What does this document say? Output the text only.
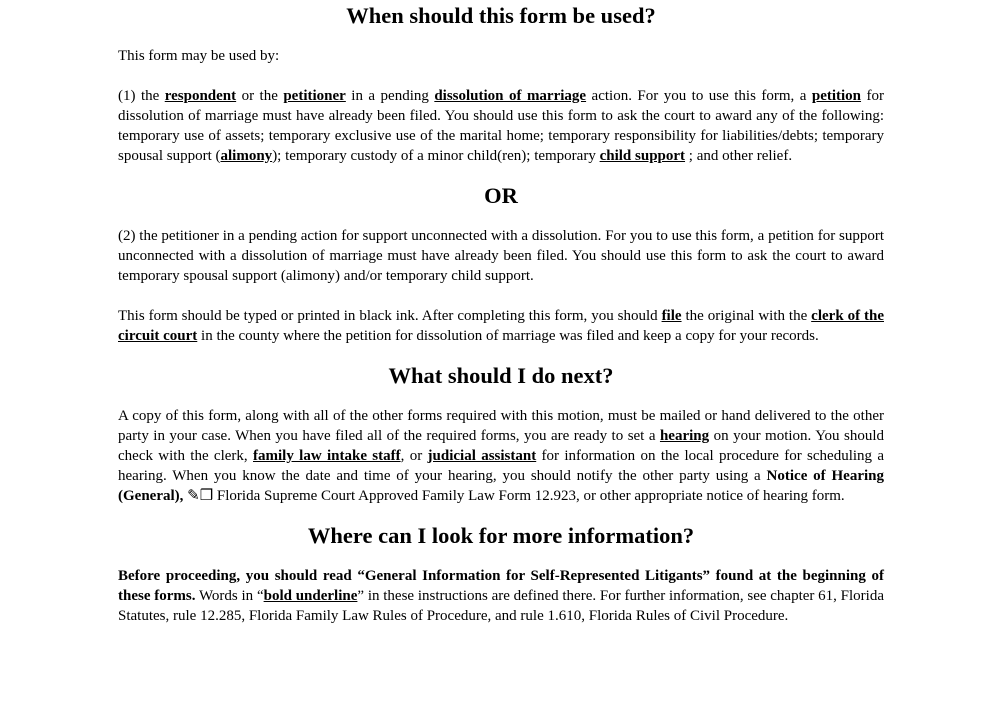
When should this form be used?

This form may be used by:

(1) the respondent or the petitioner in a pending dissolution of marriage action. For you to use this form, a petition for dissolution of marriage must have already been filed. You should use this form to ask the court to award any of the following: temporary use of assets; temporary exclusive use of the marital home; temporary responsibility for liabilities/debts; temporary spousal support (alimony); temporary custody of a minor child(ren); temporary child support ; and other relief.

OR

(2) the petitioner in a pending action for support unconnected with a dissolution. For you to use this form, a petition for support unconnected with a dissolution of marriage must have already been filed. You should use this form to ask the court to award temporary spousal support (alimony) and/or temporary child support.

This form should be typed or printed in black ink. After completing this form, you should file the original with the clerk of the circuit court in the county where the petition for dissolution of marriage was filed and keep a copy for your records.

What should I do next?

A copy of this form, along with all of the other forms required with this motion, must be mailed or hand delivered to the other party in your case. When you have filed all of the required forms, you are ready to set a hearing on your motion. You should check with the clerk, family law intake staff, or judicial assistant for information on the local procedure for scheduling a hearing. When you know the date and time of your hearing, you should notify the other party using a Notice of Hearing (General), ✎❒ Florida Supreme Court Approved Family Law Form 12.923, or other appropriate notice of hearing form.

Where can I look for more information?

Before proceeding, you should read “General Information for Self-Represented Litigants” found at the beginning of these forms. Words in “bold underline” in these instructions are defined there. For further information, see chapter 61, Florida Statutes, rule 12.285, Florida Family Law Rules of Procedure, and rule 1.610, Florida Rules of Civil Procedure.
